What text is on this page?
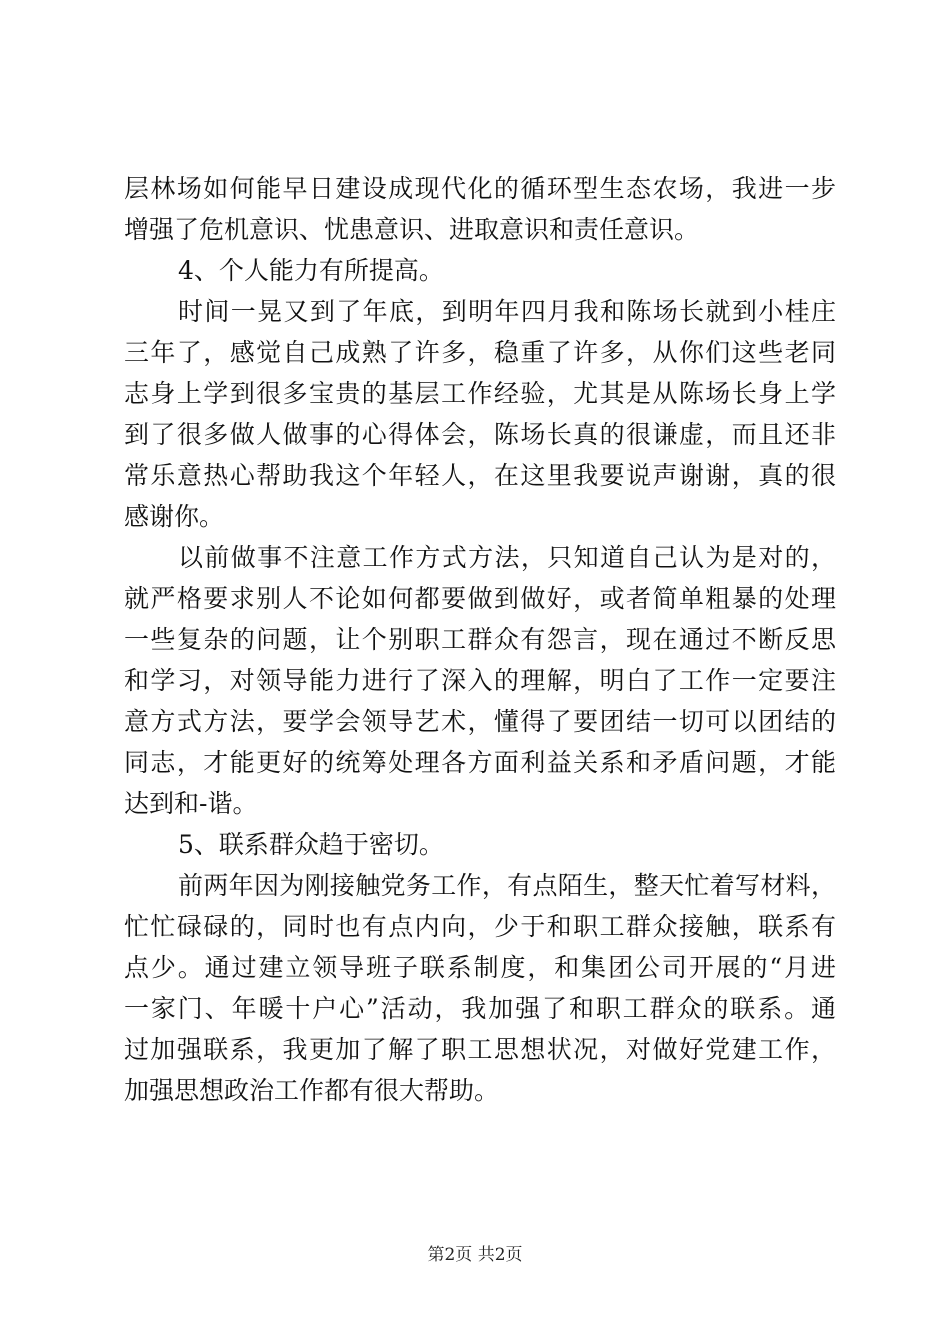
层林场如何能早日建设成现代化的循环型生态农场，我进一步
增强了危机意识、忧患意识、进取意识和责任意识。
4、个人能力有所提高。
时间一晃又到了年底，到明年四月我和陈场长就到小桂庄
三年了，感觉自己成熟了许多，稳重了许多，从你们这些老同
志身上学到很多宝贵的基层工作经验，尤其是从陈场长身上学
到了很多做人做事的心得体会，陈场长真的很谦虚，而且还非
常乐意热心帮助我这个年轻人，在这里我要说声谢谢，真的很
感谢你。
以前做事不注意工作方式方法，只知道自己认为是对的，
就严格要求别人不论如何都要做到做好，或者简单粗暴的处理
一些复杂的问题，让个别职工群众有怨言，现在通过不断反思
和学习，对领导能力进行了深入的理解，明白了工作一定要注
意方式方法，要学会领导艺术，懂得了要团结一切可以团结的
同志，才能更好的统筹处理各方面利益关系和矛盾问题，才能
达到和-谐。
5、联系群众趋于密切。
前两年因为刚接触党务工作，有点陌生，整天忙着写材料，
忙忙碌碌的，同时也有点内向，少于和职工群众接触，联系有
点少。通过建立领导班子联系制度，和集团公司开展的“月进
一家门、年暖十户心”活动，我加强了和职工群众的联系。通
过加强联系，我更加了解了职工思想状况，对做好党建工作，
加强思想政治工作都有很大帮助。
第2页 共2页
